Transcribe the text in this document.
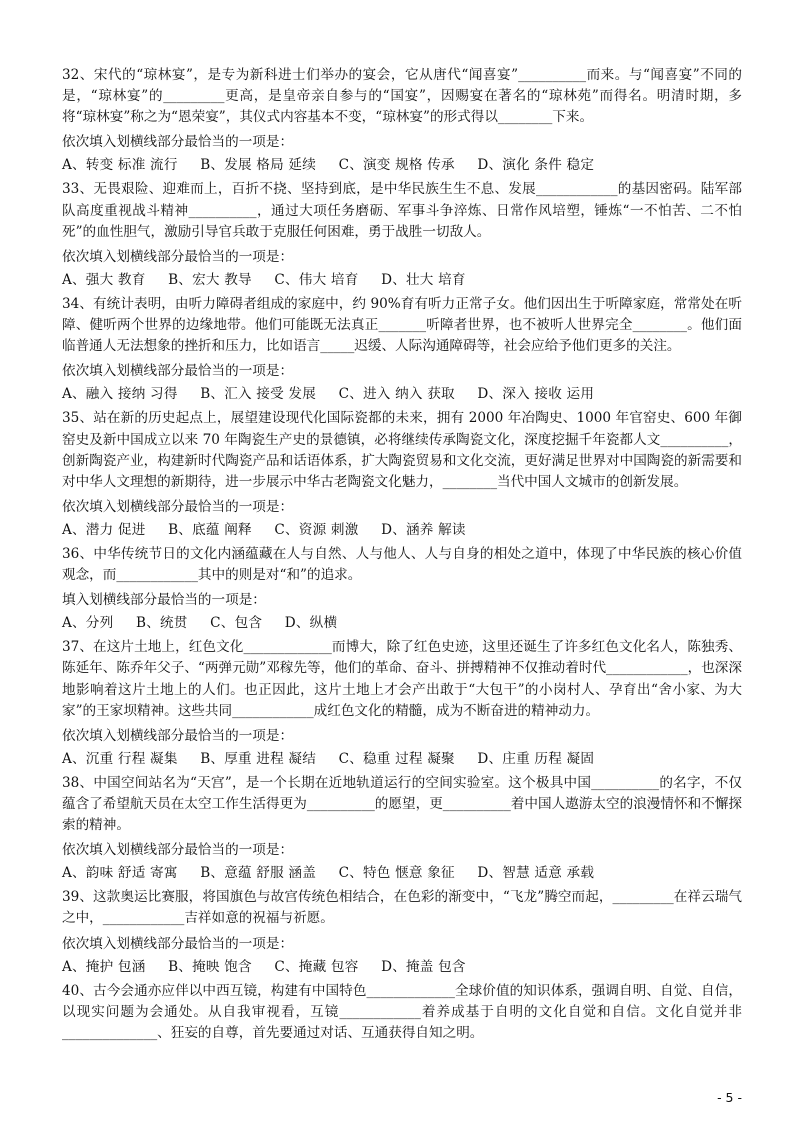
32、宋代的“琼林宴”，是专为新科进士们举办的宴会，它从唐代“闻喜宴”__________而来。与“闻喜宴”不同的是，“琼林宴”的_________更高，是皇帝亲自参与的“国宴”，因赐宴在著名的“琼林苑”而得名。明清时期，多将“琼林宴”称之为“恩荣宴”，其仪式内容基本不变，“琼林宴”的形式得以________下来。

依次填入划横线部分最恰当的一项是：

A、转变 标准 流行     B、发展 格局 延续     C、演变 规格 传承     D、演化 条件 稳定

33、无畏艰险、迎难而上，百折不挠、坚持到底，是中华民族生生不息、发展____________的基因密码。陆军部队高度重视战斗精神__________，通过大项任务磨砺、军事斗争淬炼、日常作风培塑，锤炼“一不怕苦、二不怕死”的血性胆气，激励引导官兵敢于克服任何困难，勇于战胜一切敌人。

依次填入划横线部分最恰当的一项是：

A、强大 教育     B、宏大 教导     C、伟大 培育     D、壮大 培育

34、有统计表明，由听力障碍者组成的家庭中，约 90%育有听力正常子女。他们因出生于听障家庭，常常处在听障、健听两个世界的边缘地带。他们可能既无法真正_______听障者世界，也不被听人世界完全________。他们面临普通人无法想象的挫折和压力，比如语言_____迟缓、人际沟通障碍等，社会应给予他们更多的关注。

依次填入划横线部分最恰当的一项是：

A、融入 接纳 习得     B、汇入 接受 发展     C、进入 纳入 获取     D、深入 接收 运用

35、站在新的历史起点上，展望建设现代化国际瓷都的未来，拥有 2000 年冶陶史、1000 年官窑史、600 年御窑史及新中国成立以来 70 年陶瓷生产史的景德镇，必将继续传承陶瓷文化，深度挖掘千年瓷都人文__________，创新陶瓷产业，构建新时代陶瓷产品和话语体系，扩大陶瓷贸易和文化交流，更好满足世界对中国陶瓷的新需要和对中华人文理想的新期待，进一步展示中华古老陶瓷文化魅力，________当代中国人文城市的创新发展。

依次填入划横线部分最恰当的一项是：

A、潜力 促进     B、底蕴 阐释     C、资源 刺激     D、涵养 解读

36、中华传统节日的文化内涵蕴藏在人与自然、人与他人、人与自身的相处之道中，体现了中华民族的核心价值观念，而____________其中的则是对“和”的追求。

填入划横线部分最恰当的一项是：

A、分列     B、统贯     C、包含     D、纵横

37、在这片土地上，红色文化_____________而博大，除了红色史迹，这里还诞生了许多红色文化名人，陈独秀、陈延年、陈乔年父子、“两弹元勋”邓稼先等，他们的革命、奋斗、拼搏精神不仅推动着时代____________，也深深地影响着这片土地上的人们。也正因此，这片土地上才会产出敢于“大包干”的小岗村人、孕育出“舍小家、为大家”的王家坝精神。这些共同____________成红色文化的精髓，成为不断奋进的精神动力。

依次填入划横线部分最恰当的一项是：

A、沉重 行程 凝集     B、厚重 进程 凝结     C、稳重 过程 凝聚     D、庄重 历程 凝固

38、中国空间站名为“天宫”，是一个长期在近地轨道运行的空间实验室。这个极具中国__________的名字，不仅蕴含了希望航天员在太空工作生活得更为__________的愿望，更__________着中国人遨游太空的浪漫情怀和不懈探索的精神。

依次填入划横线部分最恰当的一项是：

A、韵味 舒适 寄寓     B、意蕴 舒服 涵盖     C、特色 惬意 象征     D、智慧 适意 承载

39、这款奥运比赛服，将国旗色与故宫传统色相结合，在色彩的渐变中，“飞龙”腾空而起，_________在祥云瑞气之中，____________吉祥如意的祝福与祈愿。

依次填入划横线部分最恰当的一项是：

A、掩护 包涵     B、掩映 饱含     C、掩藏 包容     D、掩盖 包含

40、古今会通亦应伴以中西互镜，构建有中国特色_____________全球价值的知识体系，强调自明、自觉、自信，以现实问题为会通处。从自我审视看，互镜____________着养成基于自明的文化自觉和自信。文化自觉并非______________、狂妄的自尊，首先要通过对话、互通获得自知之明。

- 5 -
